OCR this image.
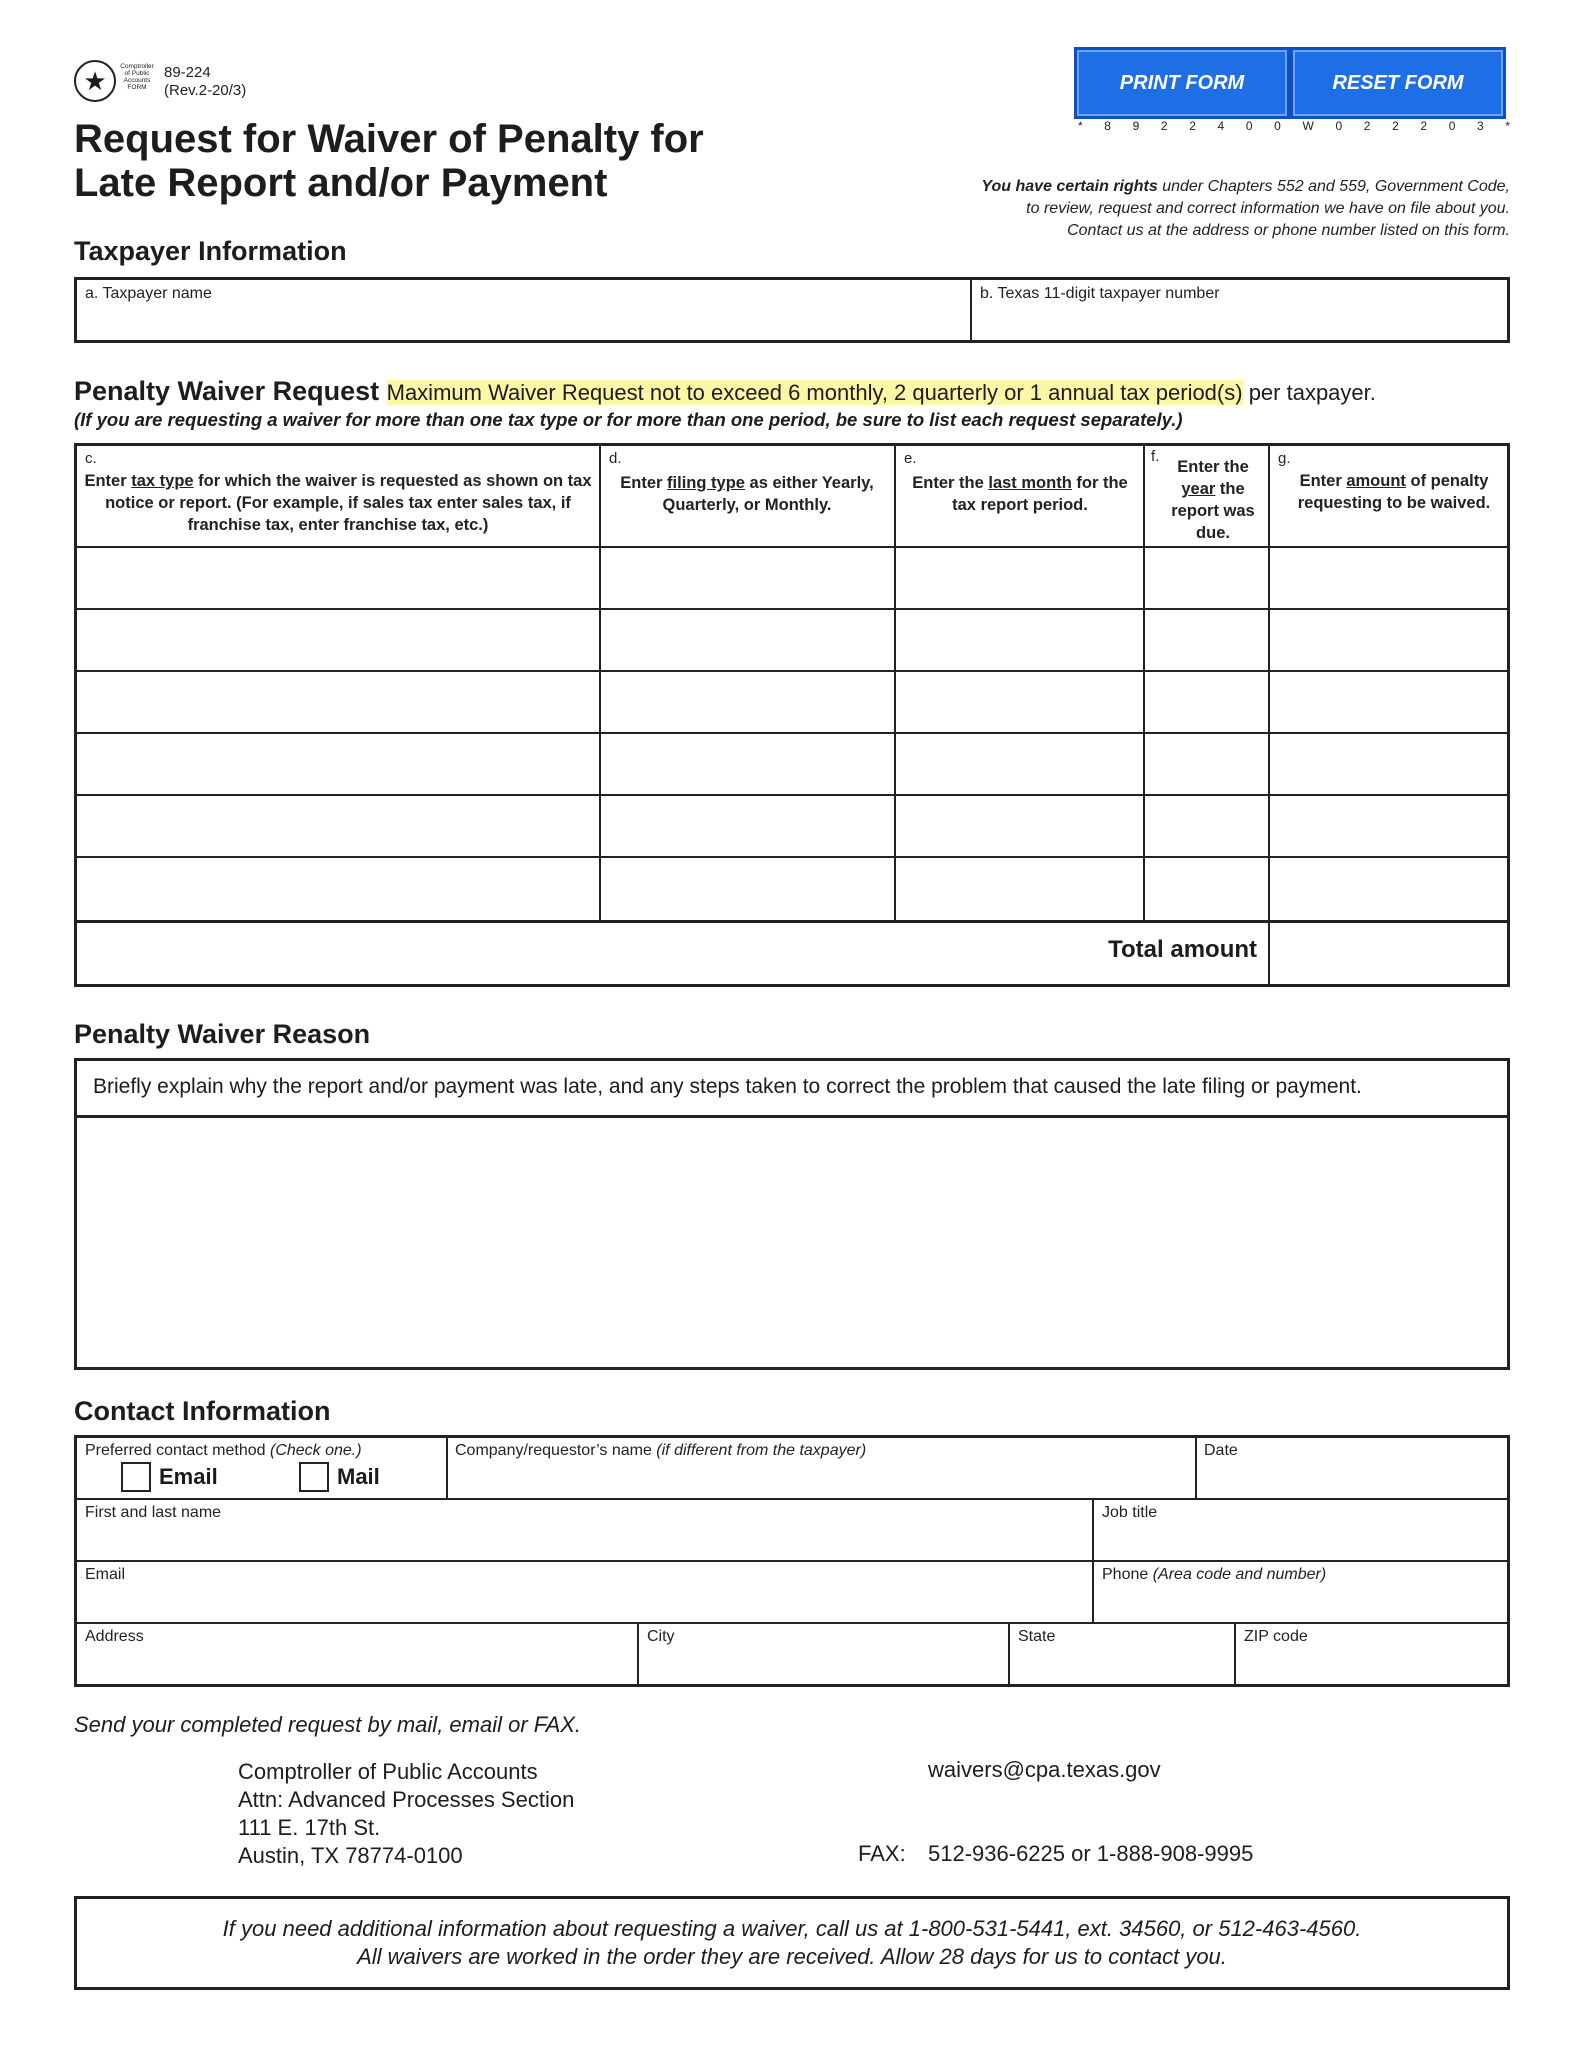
★	Comptroller of Public Accounts FORM
89-224
(Rev.2-20/3)
Request for Waiver of Penalty for
Late Report and/or Payment
PRINT FORM	RESET FORM
* 8 9 2 2 4 0 0 W 0 2 2 2 0 3 *
You have certain rights under Chapters 552 and 559, Government Code,
to review, request and correct information we have on file about you.
Contact us at the address or phone number listed on this form.
Taxpayer Information
a. Taxpayer name	b. Texas 11-digit taxpayer number
Penalty Waiver Request Maximum Waiver Request not to exceed 6 monthly, 2 quarterly or 1 annual tax period(s) per taxpayer.
(If you are requesting a waiver for more than one tax type or for more than one period, be sure to list each request separately.)
c.
Enter tax type for which the waiver is requested as shown on tax notice or report. (For example, if sales tax enter sales tax, if franchise tax, enter franchise tax, etc.)
d.
Enter filing type as either Yearly, Quarterly, or Monthly.
e.
Enter the last month for the tax report period.
f.
Enter the year the report was due.
g.
Enter amount of penalty requesting to be waived.
Total amount
Penalty Waiver Reason
Briefly explain why the report and/or payment was late, and any steps taken to correct the problem that caused the late filing or payment.
Contact Information
Preferred contact method (Check one.)
Email	Mail
Company/requestor’s name (if different from the taxpayer)	Date
First and last name	Job title
Email	Phone (Area code and number)
Address	City	State	ZIP code
Send your completed request by mail, email or FAX.
Comptroller of Public Accounts
Attn: Advanced Processes Section
111 E. 17th St.
Austin, TX 78774-0100
waivers@cpa.texas.gov
FAX: 512-936-6225 or 1-888-908-9995
If you need additional information about requesting a waiver, call us at 1-800-531-5441, ext. 34560, or 512-463-4560.
All waivers are worked in the order they are received. Allow 28 days for us to contact you.
